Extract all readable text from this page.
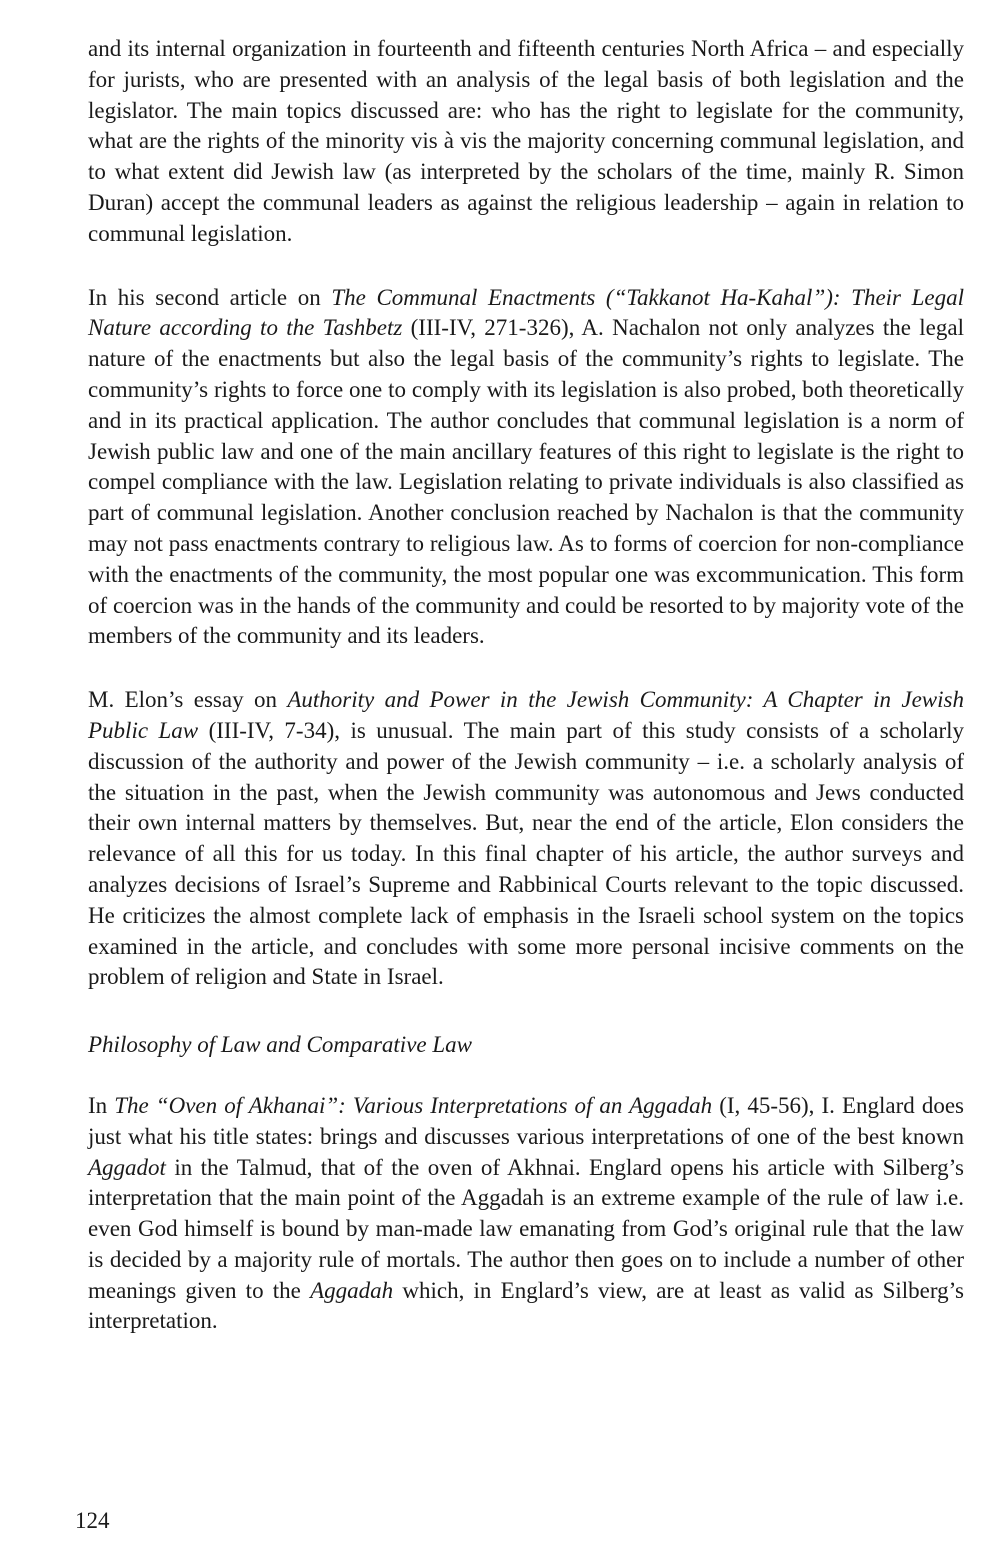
and its internal organization in fourteenth and fifteenth centuries North Africa – and especially for jurists, who are presented with an analysis of the legal basis of both legislation and the legislator. The main topics discussed are: who has the right to legislate for the community, what are the rights of the minority vis à vis the majority concerning communal legislation, and to what extent did Jewish law (as interpreted by the scholars of the time, mainly R. Simon Duran) accept the communal leaders as against the religious leadership – again in relation to communal legislation.

In his second article on The Communal Enactments (“Takkanot Ha-Kahal”): Their Legal Nature according to the Tashbetz (III-IV, 271-326), A. Nachalon not only analyzes the legal nature of the enactments but also the legal basis of the community’s rights to legislate. The community’s rights to force one to comply with its legislation is also probed, both theoretically and in its practical application. The author concludes that communal legislation is a norm of Jewish public law and one of the main ancillary features of this right to legislate is the right to compel compliance with the law. Legislation relating to private individuals is also classified as part of communal legislation. Another conclusion reached by Nachalon is that the community may not pass enactments contrary to religious law. As to forms of coercion for non-compliance with the enactments of the community, the most popular one was excommunication. This form of coercion was in the hands of the community and could be resorted to by majority vote of the members of the community and its leaders.

M. Elon’s essay on Authority and Power in the Jewish Community: A Chapter in Jewish Public Law (III-IV, 7-34), is unusual. The main part of this study consists of a scholarly discussion of the authority and power of the Jewish community – i.e. a scholarly analysis of the situation in the past, when the Jewish community was autonomous and Jews conducted their own internal matters by themselves. But, near the end of the article, Elon considers the relevance of all this for us today. In this final chapter of his article, the author surveys and analyzes decisions of Israel’s Supreme and Rabbinical Courts relevant to the topic discussed. He criticizes the almost complete lack of emphasis in the Israeli school system on the topics examined in the article, and concludes with some more personal incisive comments on the problem of religion and State in Israel.

Philosophy of Law and Comparative Law

In The “Oven of Akhanai”: Various Interpretations of an Aggadah (I, 45-56), I. Englard does just what his title states: brings and discusses various interpretations of one of the best known Aggadot in the Talmud, that of the oven of Akhnai. Englard opens his article with Silberg’s interpretation that the main point of the Aggadah is an extreme example of the rule of law i.e. even God himself is bound by man-made law emanating from God’s original rule that the law is decided by a majority rule of mortals. The author then goes on to include a number of other meanings given to the Aggadah which, in Englard’s view, are at least as valid as Silberg’s interpretation.

124
